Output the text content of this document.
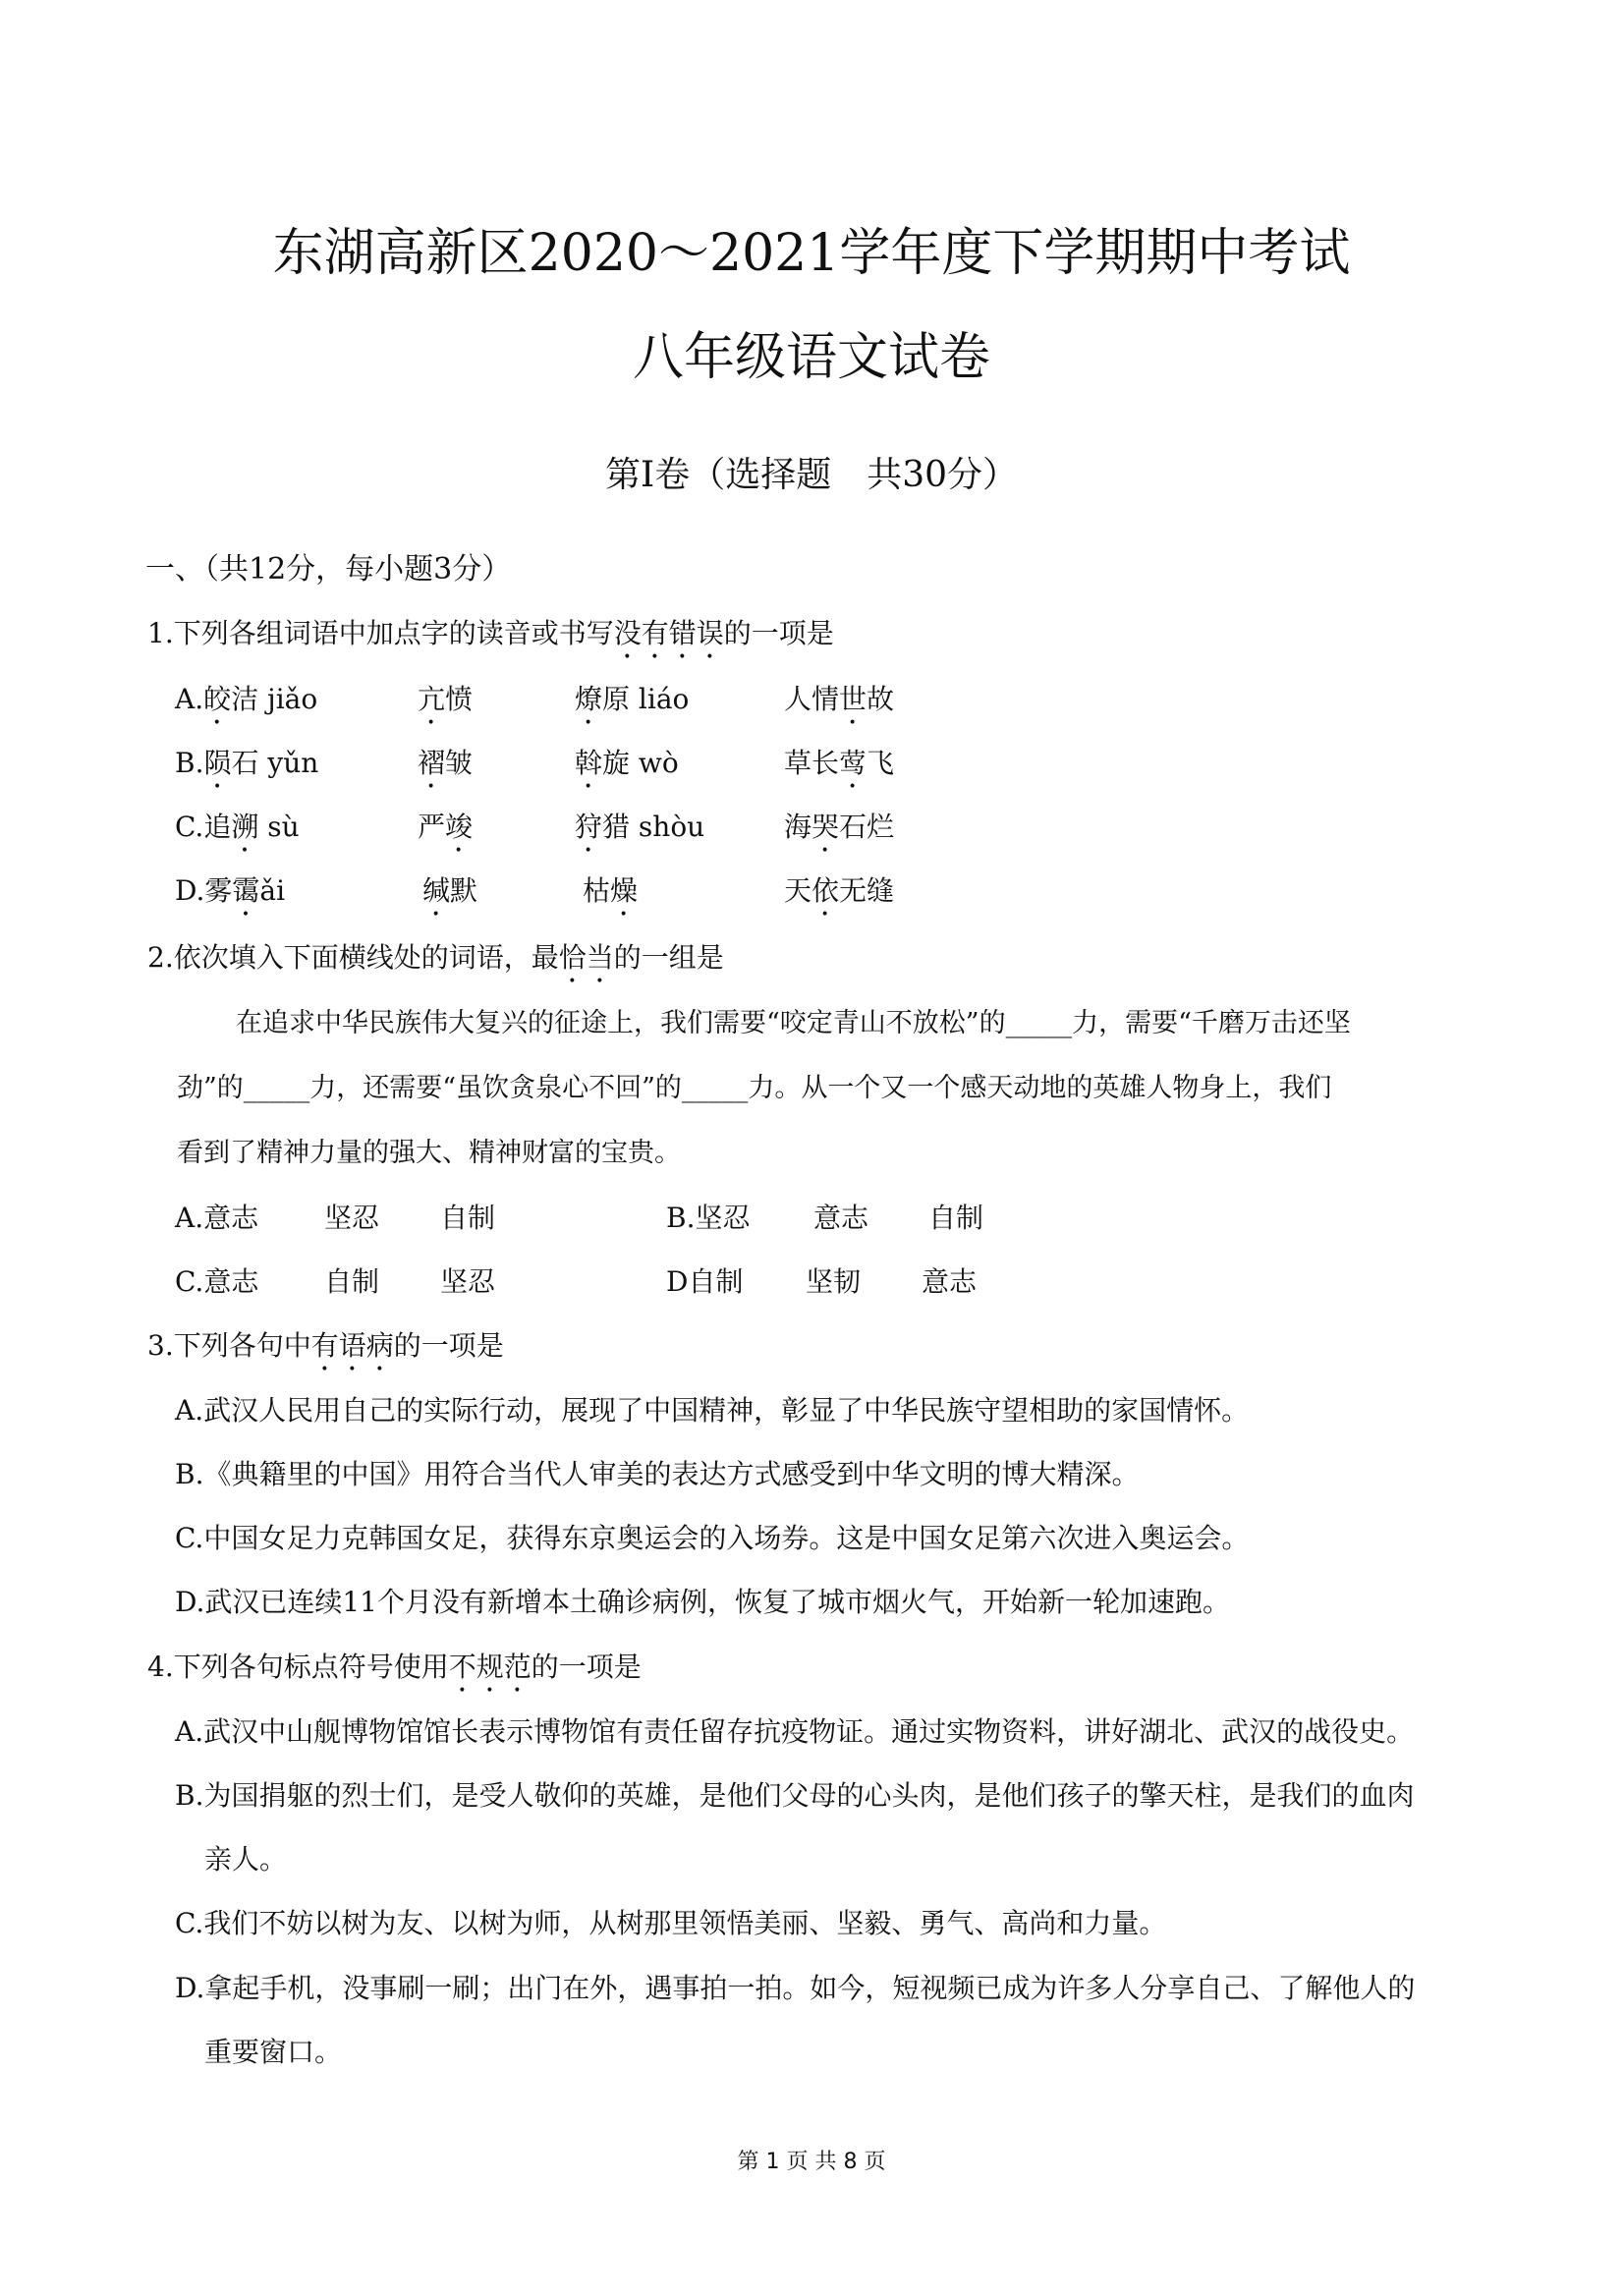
东湖高新区2020～2021学年度下学期期中考试
八年级语文试卷
第Ⅰ卷（选择题　共30分）
一、（共12分，每小题3分）
1.下列各组词语中加点字的读音或书写没有错误的一项是
A.皎洁 jiǎo	亢愤	燎原 liáo	人情世故
B.陨石 yǔn	褶皱	斡旋 wò	草长莺飞
C.追溯 sù	严竣	狩猎 shòu	海哭石烂
D.雾霭ǎi	缄默	枯燥	天依无缝
2.依次填入下面横线处的词语，最恰当的一组是
在追求中华民族伟大复兴的征途上，我们需要“咬定青山不放松”的_____力，需要“千磨万击还坚
劲”的_____力，还需要“虽饮贪泉心不回”的_____力。从一个又一个感天动地的英雄人物身上，我们
看到了精神力量的强大、精神财富的宝贵。
A.意志 坚忍 自制	B.坚忍 意志 自制
C.意志 自制 坚忍	D自制 坚韧 意志
3.下列各句中有语病的一项是
A.武汉人民用自己的实际行动，展现了中国精神，彰显了中华民族守望相助的家国情怀。
B.《典籍里的中国》用符合当代人审美的表达方式感受到中华文明的博大精深。
C.中国女足力克韩国女足，获得东京奥运会的入场券。这是中国女足第六次进入奥运会。
D.武汉已连续11个月没有新增本土确诊病例，恢复了城市烟火气，开始新一轮加速跑。
4.下列各句标点符号使用不规范的一项是
A.武汉中山舰博物馆馆长表示博物馆有责任留存抗疫物证。通过实物资料，讲好湖北、武汉的战役史。
B.为国捐躯的烈士们，是受人敬仰的英雄，是他们父母的心头肉，是他们孩子的擎天柱，是我们的血肉
亲人。
C.我们不妨以树为友、以树为师，从树那里领悟美丽、坚毅、勇气、高尚和力量。
D.拿起手机，没事刷一刷；出门在外，遇事拍一拍。如今，短视频已成为许多人分享自己、了解他人的
重要窗口。
第 1 页 共 8 页
